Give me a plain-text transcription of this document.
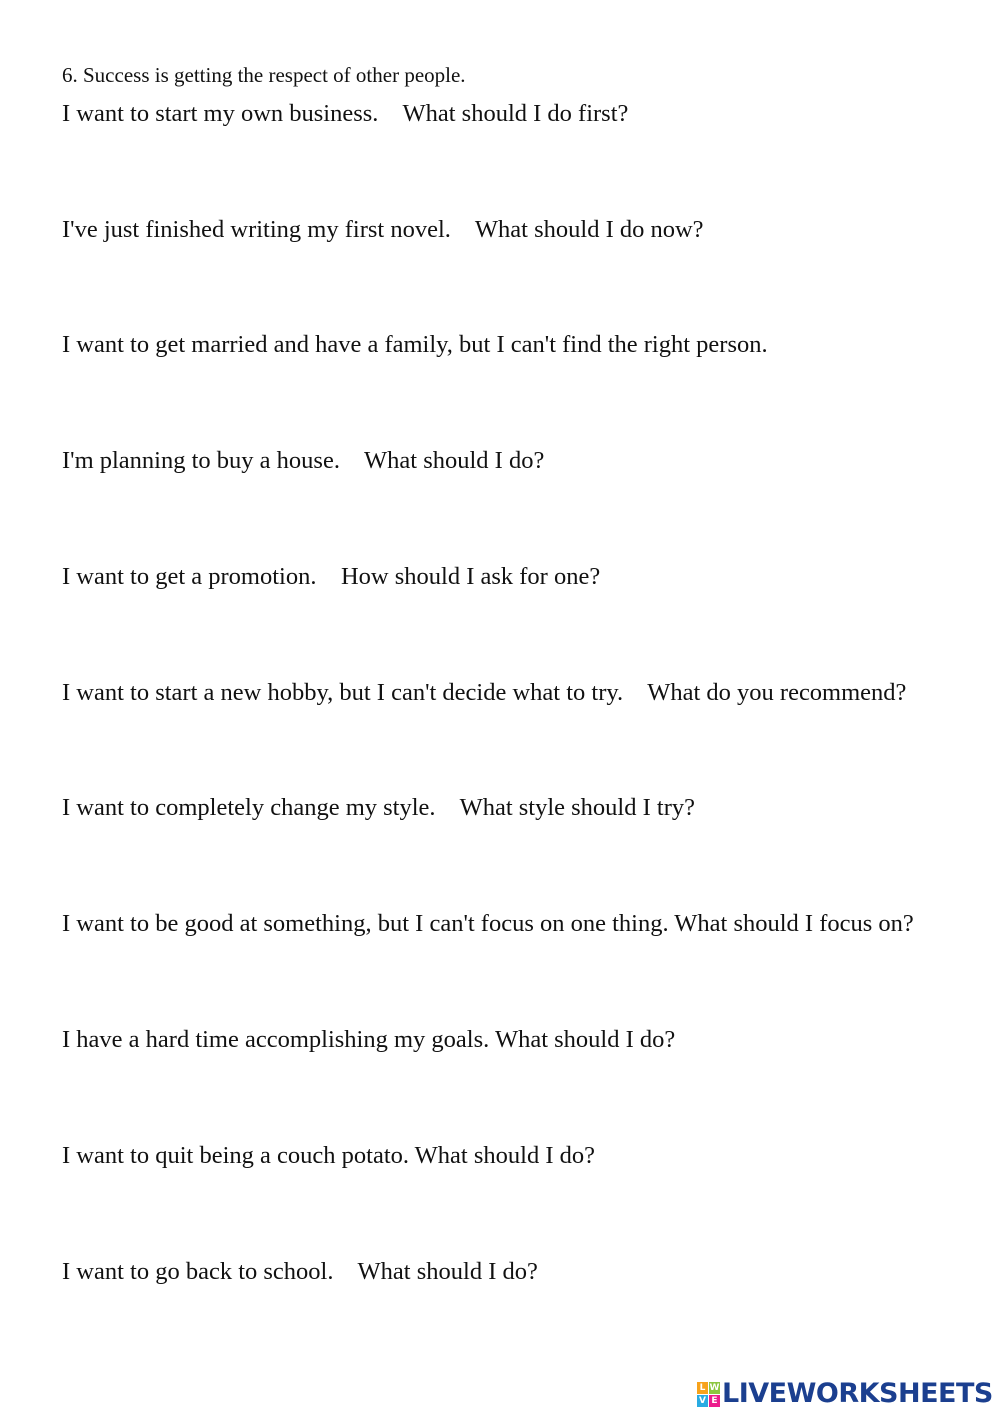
6. Success is getting the respect of other people.
I want to start my own business.    What should I do first?
I've just finished writing my first novel.    What should I do now?
I want to get married and have a family, but I can't find the right person.
I'm planning to buy a house.    What should I do?
I want to get a promotion.    How should I ask for one?
I want to start a new hobby, but I can't decide what to try.    What do you recommend?
I want to completely change my style.    What style should I try?
I want to be good at something, but I can't focus on one thing. What should I focus on?
I have a hard time accomplishing my goals. What should I do?
I want to quit being a couch potato. What should I do?
I want to go back to school.    What should I do?
L W
V E LIVEWORKSHEETS
